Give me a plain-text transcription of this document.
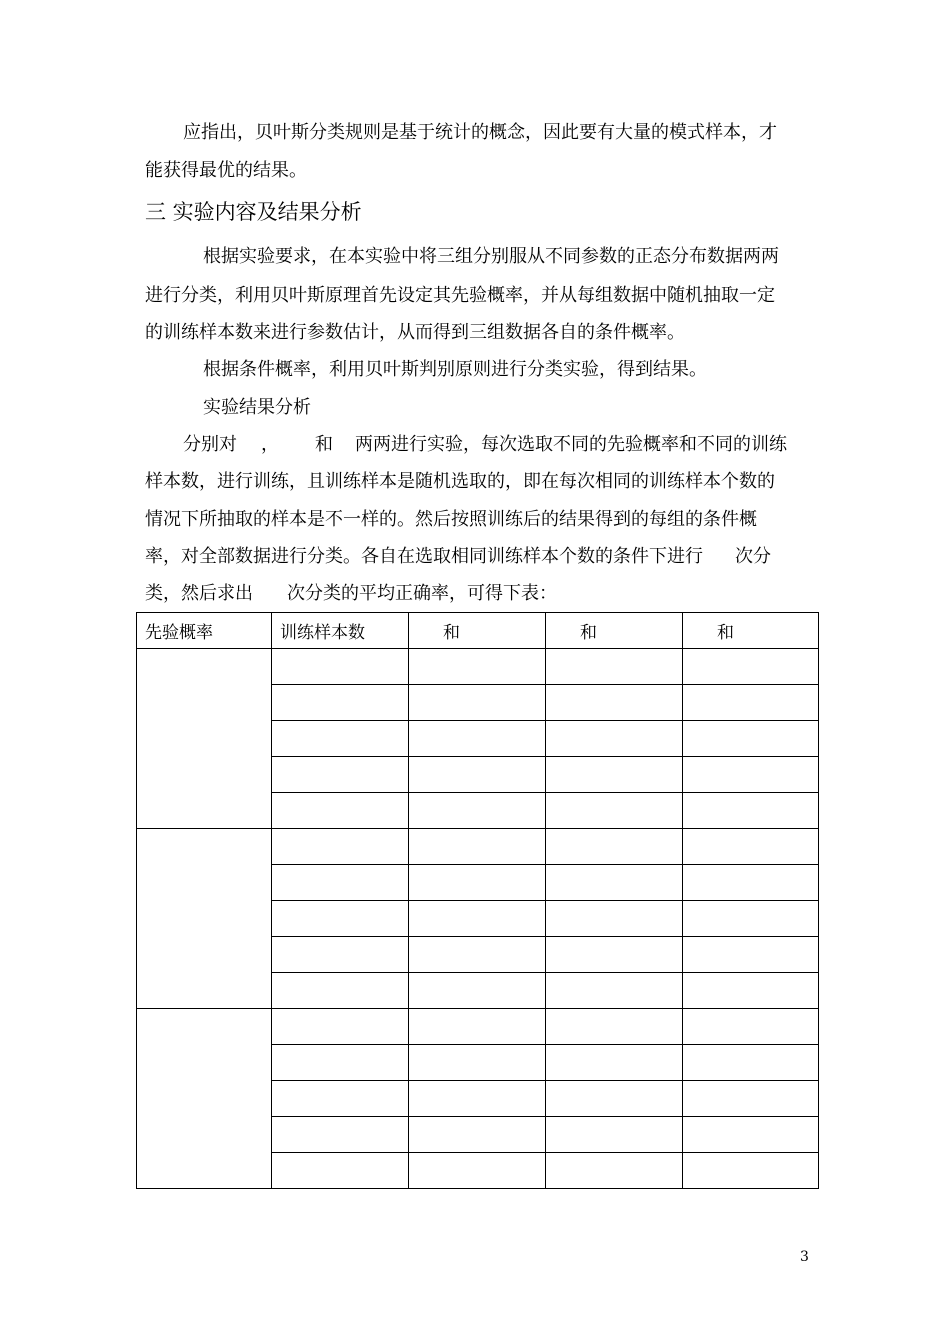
应指出，贝叶斯分类规则是基于统计的概念，因此要有大量的模式样本，才
能获得最优的结果。
三 实验内容及结果分析
根据实验要求，在本实验中将三组分别服从不同参数的正态分布数据两两
进行分类，利用贝叶斯原理首先设定其先验概率，并从每组数据中随机抽取一定
的训练样本数来进行参数估计，从而得到三组数据各自的条件概率。
根据条件概率，利用贝叶斯判别原则进行分类实验，得到结果。
实验结果分析
分别对 ， 和 两两进行实验，每次选取不同的先验概率和不同的训练
样本数，进行训练，且训练样本是随机选取的，即在每次相同的训练样本个数的
情况下所抽取的样本是不一样的。然后按照训练后的结果得到的每组的条件概
率，对全部数据进行分类。各自在选取相同训练样本个数的条件下进行 次分
类，然后求出 次分类的平均正确率，可得下表：
先验概率	训练样本数	和	和	和

3
